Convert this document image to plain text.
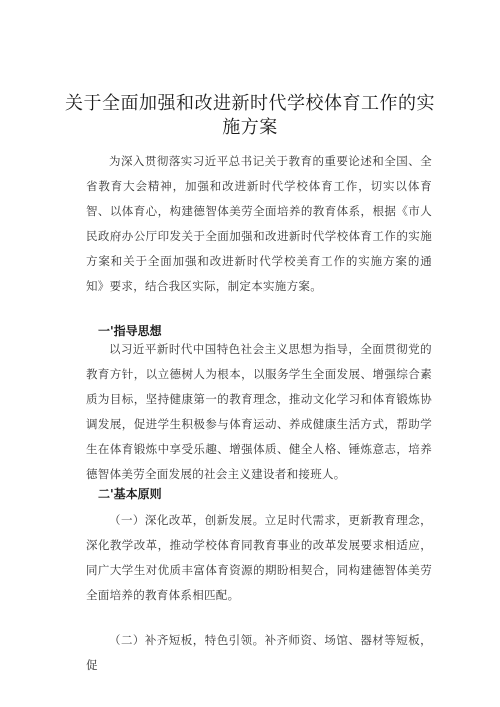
关于全面加强和改进新时代学校体育工作的实施方案
为深入贯彻落实习近平总书记关于教育的重要论述和全国、全省教育大会精神，加强和改进新时代学校体育工作，切实以体育智、以体育心，构建德智体美劳全面培养的教育体系，根据《市人民政府办公厅印发关于全面加强和改进新时代学校体育工作的实施方案和关于全面加强和改进新时代学校美育工作的实施方案的通知》要求，结合我区实际，制定本实施方案。
一'指导思想
以习近平新时代中国特色社会主义思想为指导，全面贯彻党的教育方针，以立德树人为根本，以服务学生全面发展、增强综合素质为目标，坚持健康第一的教育理念，推动文化学习和体育锻炼协调发展，促进学生积极参与体育运动、养成健康生活方式，帮助学生在体育锻炼中享受乐趣、增强体质、健全人格、锤炼意志，培养德智体美劳全面发展的社会主义建设者和接班人。
二'基本原则
（一）深化改革，创新发展。立足时代需求，更新教育理念，深化教学改革，推动学校体育同教育事业的改革发展要求相适应，同广大学生对优质丰富体育资源的期盼相契合，同构建德智体美劳全面培养的教育体系相匹配。
（二）补齐短板，特色引领。补齐师资、场馆、器材等短板，促
